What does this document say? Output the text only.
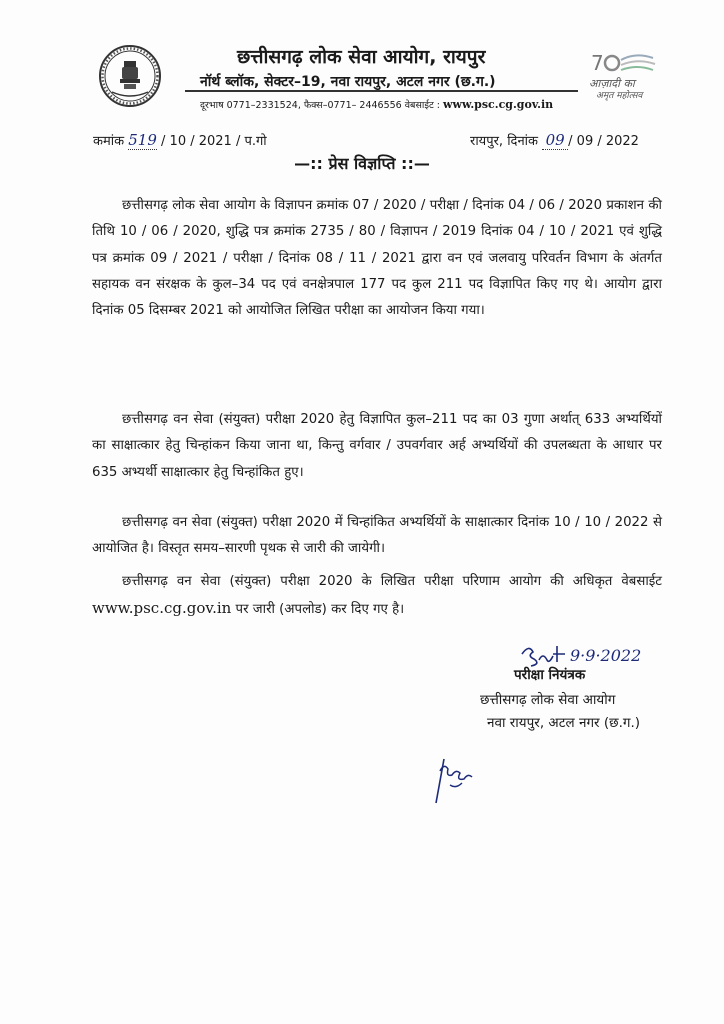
छत्तीसगढ़ लोक सेवा आयोग, रायपुर
नॉर्थ ब्लॉक, सेक्टर–19, नवा रायपुर, अटल नगर (छ.ग.)
दूरभाष 0771–2331524, फैक्स–0771– 2446556 वेबसाईट : www.psc.cg.gov.in
7
आज़ादी का
अमृत महोत्सव
कमांक 519 / 10 / 2021 / प.गो	रायपुर, दिनांक 09 / 09 / 2022
—:: प्रेस विज्ञप्ति ::—
छत्तीसगढ़ लोक सेवा आयोग के विज्ञापन क्रमांक 07 / 2020 / परीक्षा / दिनांक 04 / 06 / 2020 प्रकाशन की तिथि 10 / 06 / 2020, शुद्धि पत्र क्रमांक 2735 / 80 / विज्ञापन / 2019 दिनांक 04 / 10 / 2021 एवं शुद्धि पत्र क्रमांक 09 / 2021 / परीक्षा / दिनांक 08 / 11 / 2021 द्वारा वन एवं जलवायु परिवर्तन विभाग के अंतर्गत सहायक वन संरक्षक के कुल–34 पद एवं वनक्षेत्रपाल 177 पद कुल 211 पद विज्ञापित किए गए थे। आयोग द्वारा दिनांक 05 दिसम्बर 2021 को आयोजित लिखित परीक्षा का आयोजन किया गया।
छत्तीसगढ़ वन सेवा (संयुक्त) परीक्षा 2020 हेतु विज्ञापित कुल–211 पद का 03 गुणा अर्थात् 633 अभ्यर्थियों का साक्षात्कार हेतु चिन्हांकन किया जाना था, किन्तु वर्गवार / उपवर्गवार अर्ह अभ्यर्थियों की उपलब्धता के आधार पर 635 अभ्यर्थी साक्षात्कार हेतु चिन्हांकित हुए।
छत्तीसगढ़ वन सेवा (संयुक्त) परीक्षा 2020 में चिन्हांकित अभ्यर्थियों के साक्षात्कार दिनांक 10 / 10 / 2022 से आयोजित है। विस्तृत समय–सारणी पृथक से जारी की जायेगी।
छत्तीसगढ़ वन सेवा (संयुक्त) परीक्षा 2020 के लिखित परीक्षा परिणाम आयोग की अधिकृत वेबसाईट www.psc.cg.gov.in पर जारी (अपलोड) कर दिए गए है।
9·9·2022
परीक्षा नियंत्रक
छत्तीसगढ़ लोक सेवा आयोग
नवा रायपुर, अटल नगर (छ.ग.)
